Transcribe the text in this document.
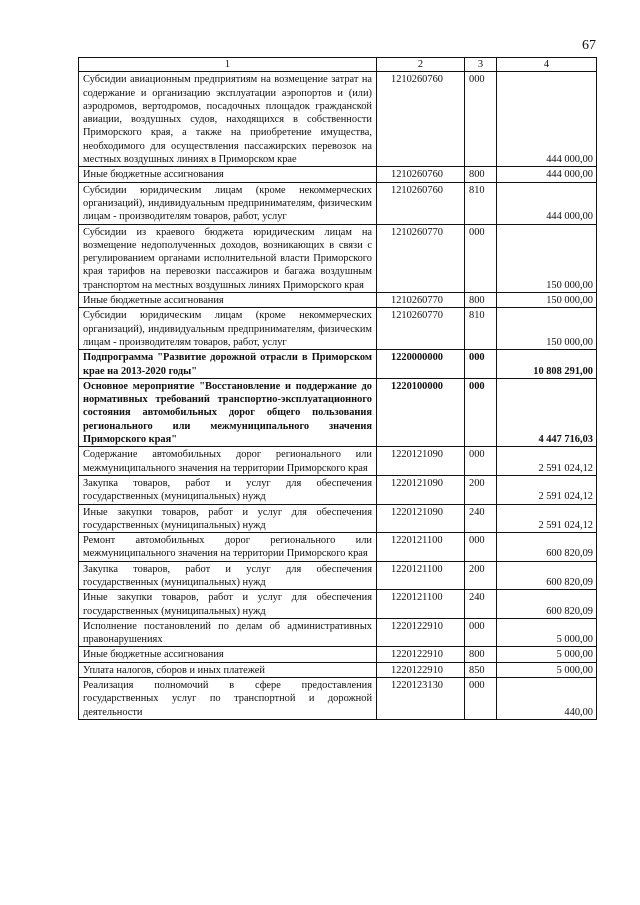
67
1	2	3	4
Субсидии авиационным предприятиям на возмещение затрат на содержание и организацию эксплуатации аэропортов и (или) аэродромов, вертодромов, посадочных площадок гражданской авиации, воздушных судов, находящихся в собственности Приморского края, а также на приобретение имущества, необходимого для осуществления пассажирских перевозок на местных воздушных линиях в Приморском крае	1210260760	000	444 000,00
Иные бюджетные ассигнования	1210260760	800	444 000,00
Субсидии юридическим лицам (кроме некоммерческих организаций), индивидуальным предпринимателям, физическим лицам - производителям товаров, работ, услуг	1210260760	810	444 000,00
Субсидии из краевого бюджета юридическим лицам на возмещение недополученных доходов, возникающих в связи с регулированием органами исполнительной власти Приморского края тарифов на перевозки пассажиров и багажа воздушным транспортом на местных воздушных линиях Приморского края	1210260770	000	150 000,00
Иные бюджетные ассигнования	1210260770	800	150 000,00
Субсидии юридическим лицам (кроме некоммерческих организаций), индивидуальным предпринимателям, физическим лицам - производителям товаров, работ, услуг	1210260770	810	150 000,00
Подпрограмма "Развитие дорожной отрасли в Приморском крае на 2013-2020 годы"	1220000000	000	10 808 291,00
Основное мероприятие "Восстановление и поддержание до нормативных требований транспортно-эксплуатационного состояния автомобильных дорог общего пользования регионального или межмуниципального значения Приморского края"	1220100000	000	4 447 716,03
Содержание автомобильных дорог регионального или межмуниципального значения на территории Приморского края	1220121090	000	2 591 024,12
Закупка товаров, работ и услуг для обеспечения государственных (муниципальных) нужд	1220121090	200	2 591 024,12
Иные закупки товаров, работ и услуг для обеспечения государственных (муниципальных) нужд	1220121090	240	2 591 024,12
Ремонт автомобильных дорог регионального или межмуниципального значения на территории Приморского края	1220121100	000	600 820,09
Закупка товаров, работ и услуг для обеспечения государственных (муниципальных) нужд	1220121100	200	600 820,09
Иные закупки товаров, работ и услуг для обеспечения государственных (муниципальных) нужд	1220121100	240	600 820,09
Исполнение постановлений по делам об административных правонарушениях	1220122910	000	5 000,00
Иные бюджетные ассигнования	1220122910	800	5 000,00
Уплата налогов, сборов и иных платежей	1220122910	850	5 000,00
Реализация полномочий в сфере предоставления государственных услуг по транспортной и дорожной деятельности	1220123130	000	440,00
